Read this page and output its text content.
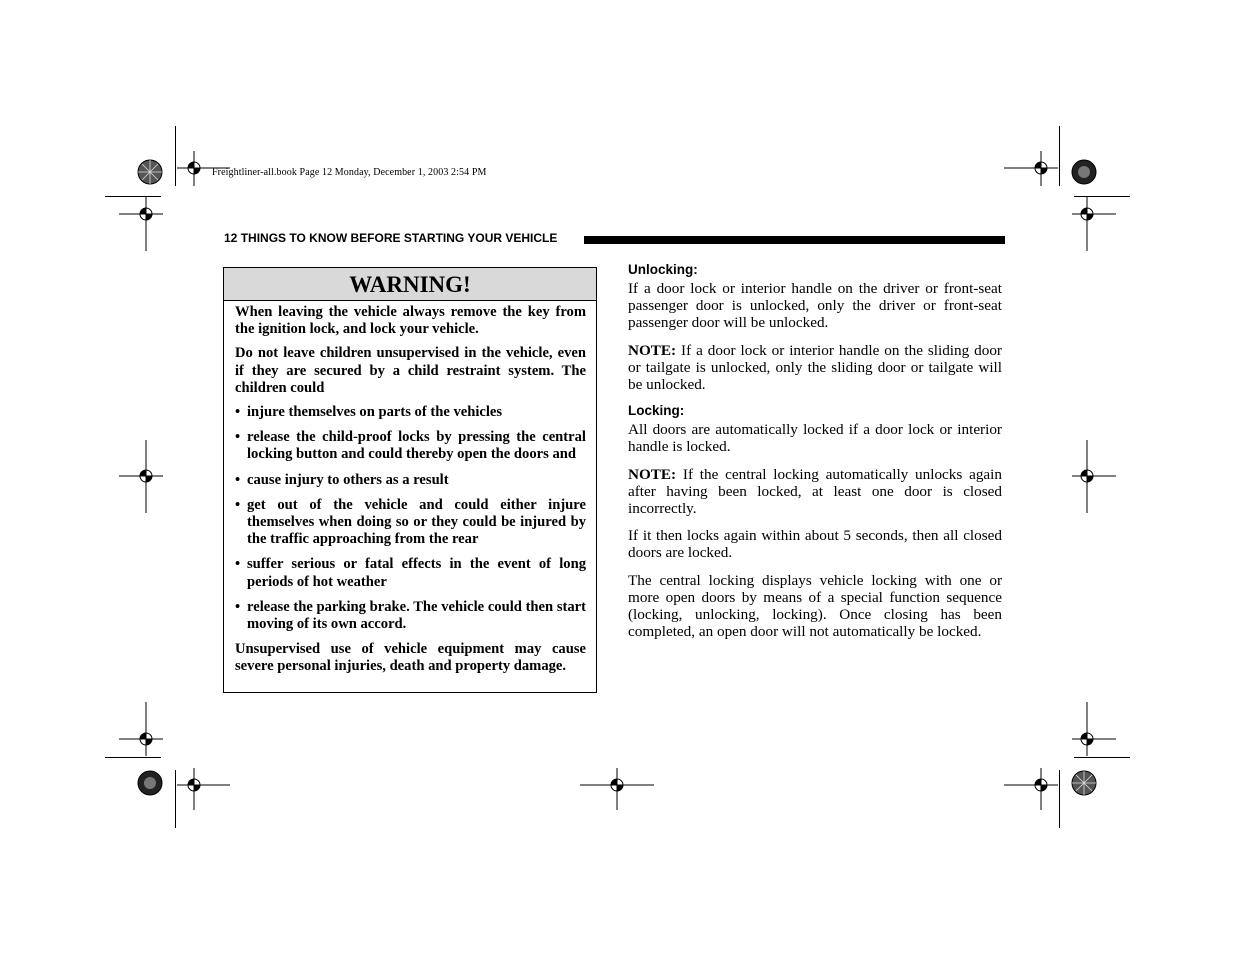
Freightliner-all.book Page 12 Monday, December 1, 2003 2:54 PM
12 THINGS TO KNOW BEFORE STARTING YOUR VEHICLE
WARNING!

When leaving the vehicle always remove the key from the ignition lock, and lock your vehicle.

Do not leave children unsupervised in the vehicle, even if they are secured by a child restraint system. The children could

• injure themselves on parts of the vehicles
• release the child-proof locks by pressing the central locking button and could thereby open the doors and
• cause injury to others as a result
• get out of the vehicle and could either injure themselves when doing so or they could be injured by the traffic approaching from the rear
• suffer serious or fatal effects in the event of long periods of hot weather
• release the parking brake. The vehicle could then start moving of its own accord.

Unsupervised use of vehicle equipment may cause severe personal injuries, death and property damage.

Unlocking:

If a door lock or interior handle on the driver or front-seat passenger door is unlocked, only the driver or front-seat passenger door will be unlocked.

NOTE: If a door lock or interior handle on the sliding door or tailgate is unlocked, only the sliding door or tailgate will be unlocked.

Locking:

All doors are automatically locked if a door lock or interior handle is locked.

NOTE: If the central locking automatically unlocks again after having been locked, at least one door is closed incorrectly.

If it then locks again within about 5 seconds, then all closed doors are locked.

The central locking displays vehicle locking with one or more open doors by means of a special function sequence (locking, unlocking, locking). Once closing has been completed, an open door will not automatically be locked.
